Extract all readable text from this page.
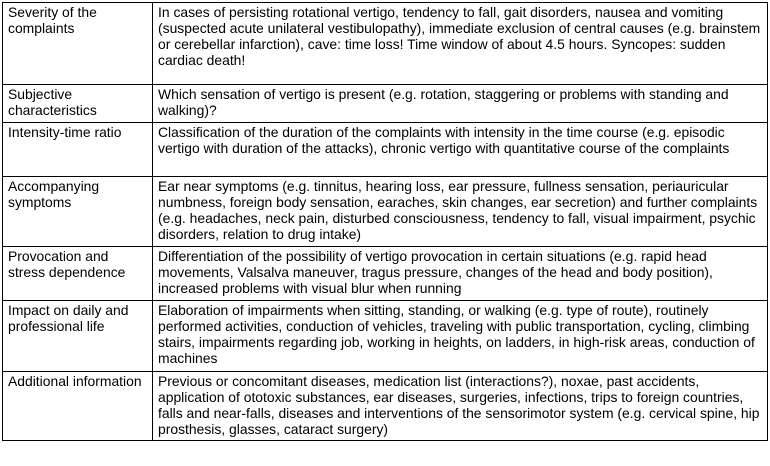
Severity of the complaints	In cases of persisting rotational vertigo, tendency to fall, gait disorders, nausea and vomiting (suspected acute unilateral vestibulopathy), immediate exclusion of central causes (e.g. brainstem or cerebellar infarction), cave: time loss! Time window of about 4.5 hours. Syncopes: sudden cardiac death!
Subjective characteristics	Which sensation of vertigo is present (e.g. rotation, staggering or problems with standing and walking)?
Intensity-time ratio	Classification of the duration of the complaints with intensity in the time course (e.g. episodic vertigo with duration of the attacks), chronic vertigo with quantitative course of the complaints
Accompanying symptoms	Ear near symptoms (e.g. tinnitus, hearing loss, ear pressure, fullness sensation, periauricular numbness, foreign body sensation, earaches, skin changes, ear secretion) and further complaints (e.g. headaches, neck pain, disturbed consciousness, tendency to fall, visual impairment, psychic disorders, relation to drug intake)
Provocation and stress dependence	Differentiation of the possibility of vertigo provocation in certain situations (e.g. rapid head movements, Valsalva maneuver, tragus pressure, changes of the head and body position), increased problems with visual blur when running
Impact on daily and professional life	Elaboration of impairments when sitting, standing, or walking (e.g. type of route), routinely performed activities, conduction of vehicles, traveling with public transportation, cycling, climbing stairs, impairments regarding job, working in heights, on ladders, in high-risk areas, conduction of machines
Additional information	Previous or concomitant diseases, medication list (interactions?), noxae, past accidents, application of ototoxic substances, ear diseases, surgeries, infections, trips to foreign countries, falls and near-falls, diseases and interventions of the sensorimotor system (e.g. cervical spine, hip prosthesis, glasses, cataract surgery)
